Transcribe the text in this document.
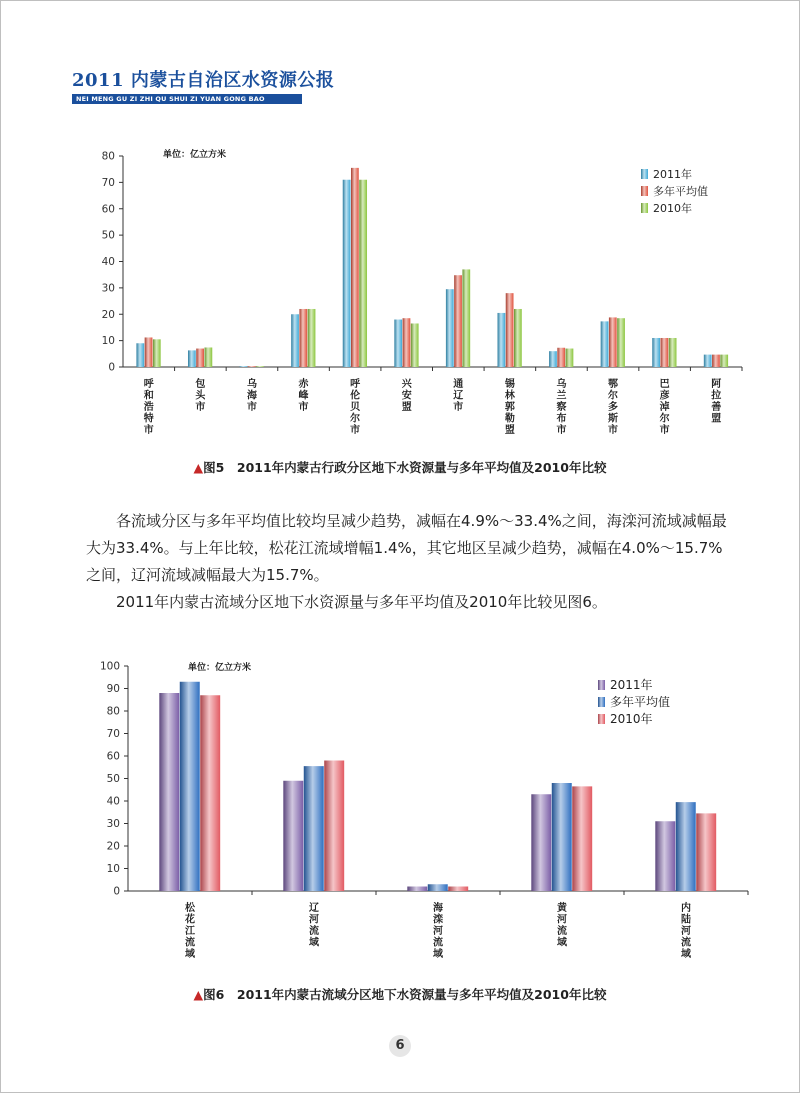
2011 内蒙古自治区水资源公报
NEI MENG GU ZI ZHI QU SHUI ZI YUAN GONG BAO
0
10
20
30
40
50
60
70
80	单位：亿立方米
呼和浩特市
包头市
乌海市
赤峰市
呼伦贝尔市
兴安盟
通辽市
锡林郭勒盟
乌兰察布市
鄂尔多斯市
巴彦淖尔市
阿拉善盟
2011年
多年平均值
2010年
▲图5　2011年内蒙古行政分区地下水资源量与多年平均值及2010年比较

各流域分区与多年平均值比较均呈减少趋势，减幅在4.9%～33.4%之间，海滦河流域减幅最大为33.4%。与上年比较，松花江流域增幅1.4%，其它地区呈减少趋势，减幅在4.0%～15.7%之间，辽河流域减幅最大为15.7%。

2011年内蒙古流域分区地下水资源量与多年平均值及2010年比较见图6。

0
10
20
30
40
50
60
70
80
90
100	单位：亿立方米
松花江流域
辽河流域
海滦河流域
黄河流域
内陆河流域
2011年
多年平均值
2010年
▲图6　2011年内蒙古流域分区地下水资源量与多年平均值及2010年比较
6
